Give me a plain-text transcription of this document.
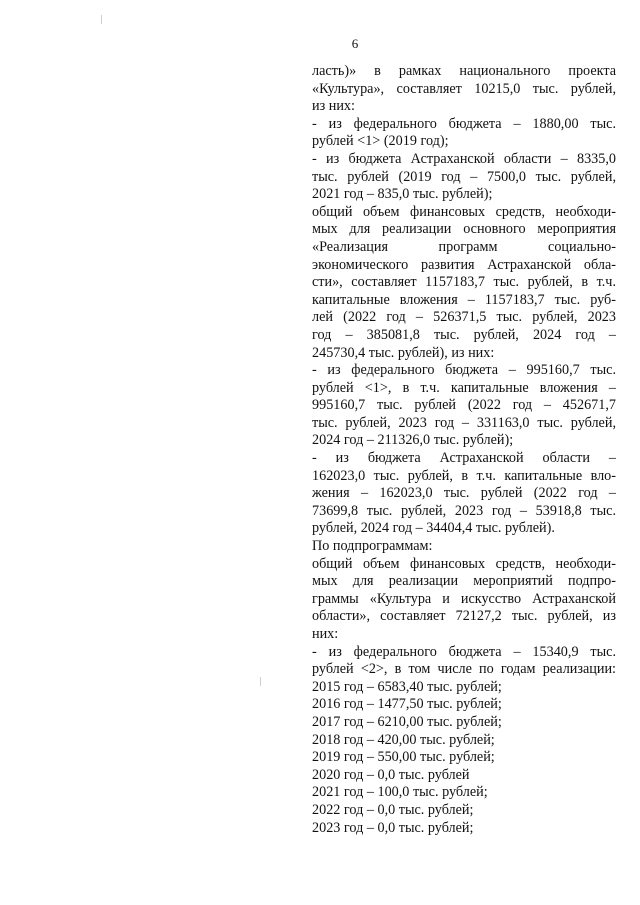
6
ласть)» в рамках национального проекта
«Культура», составляет 10215,0 тыс. рублей,
из них:
- из федерального бюджета – 1880,00 тыс.
рублей <1> (2019 год);
- из бюджета Астраханской области – 8335,0
тыс. рублей (2019 год – 7500,0 тыс. рублей,
2021 год – 835,0 тыс. рублей);
общий объем финансовых средств, необходи-
мых для реализации основного мероприятия
«Реализация программ социально-
экономического развития Астраханской обла-
сти», составляет 1157183,7 тыс. рублей, в т.ч.
капитальные вложения – 1157183,7 тыс. руб-
лей (2022 год – 526371,5 тыс. рублей, 2023
год – 385081,8 тыс. рублей, 2024 год –
245730,4 тыс. рублей), из них:
- из федерального бюджета – 995160,7 тыс.
рублей <1>, в т.ч. капитальные вложения –
995160,7 тыс. рублей (2022 год – 452671,7
тыс. рублей, 2023 год – 331163,0 тыс. рублей,
2024 год – 211326,0 тыс. рублей);
- из бюджета Астраханской области –
162023,0 тыс. рублей, в т.ч. капитальные вло-
жения – 162023,0 тыс. рублей (2022 год –
73699,8 тыс. рублей, 2023 год – 53918,8 тыс.
рублей, 2024 год – 34404,4 тыс. рублей).
По подпрограммам:
общий объем финансовых средств, необходи-
мых для реализации мероприятий подпро-
граммы «Культура и искусство Астраханской
области», составляет 72127,2 тыс. рублей, из
них:
- из федерального бюджета – 15340,9 тыс.
рублей <2>, в том числе по годам реализации:
2015 год – 6583,40 тыс. рублей;
2016 год – 1477,50 тыс. рублей;
2017 год – 6210,00 тыс. рублей;
2018 год – 420,00 тыс. рублей;
2019 год – 550,00 тыс. рублей;
2020 год – 0,0 тыс. рублей
2021 год – 100,0 тыс. рублей;
2022 год – 0,0 тыс. рублей;
2023 год – 0,0 тыс. рублей;
